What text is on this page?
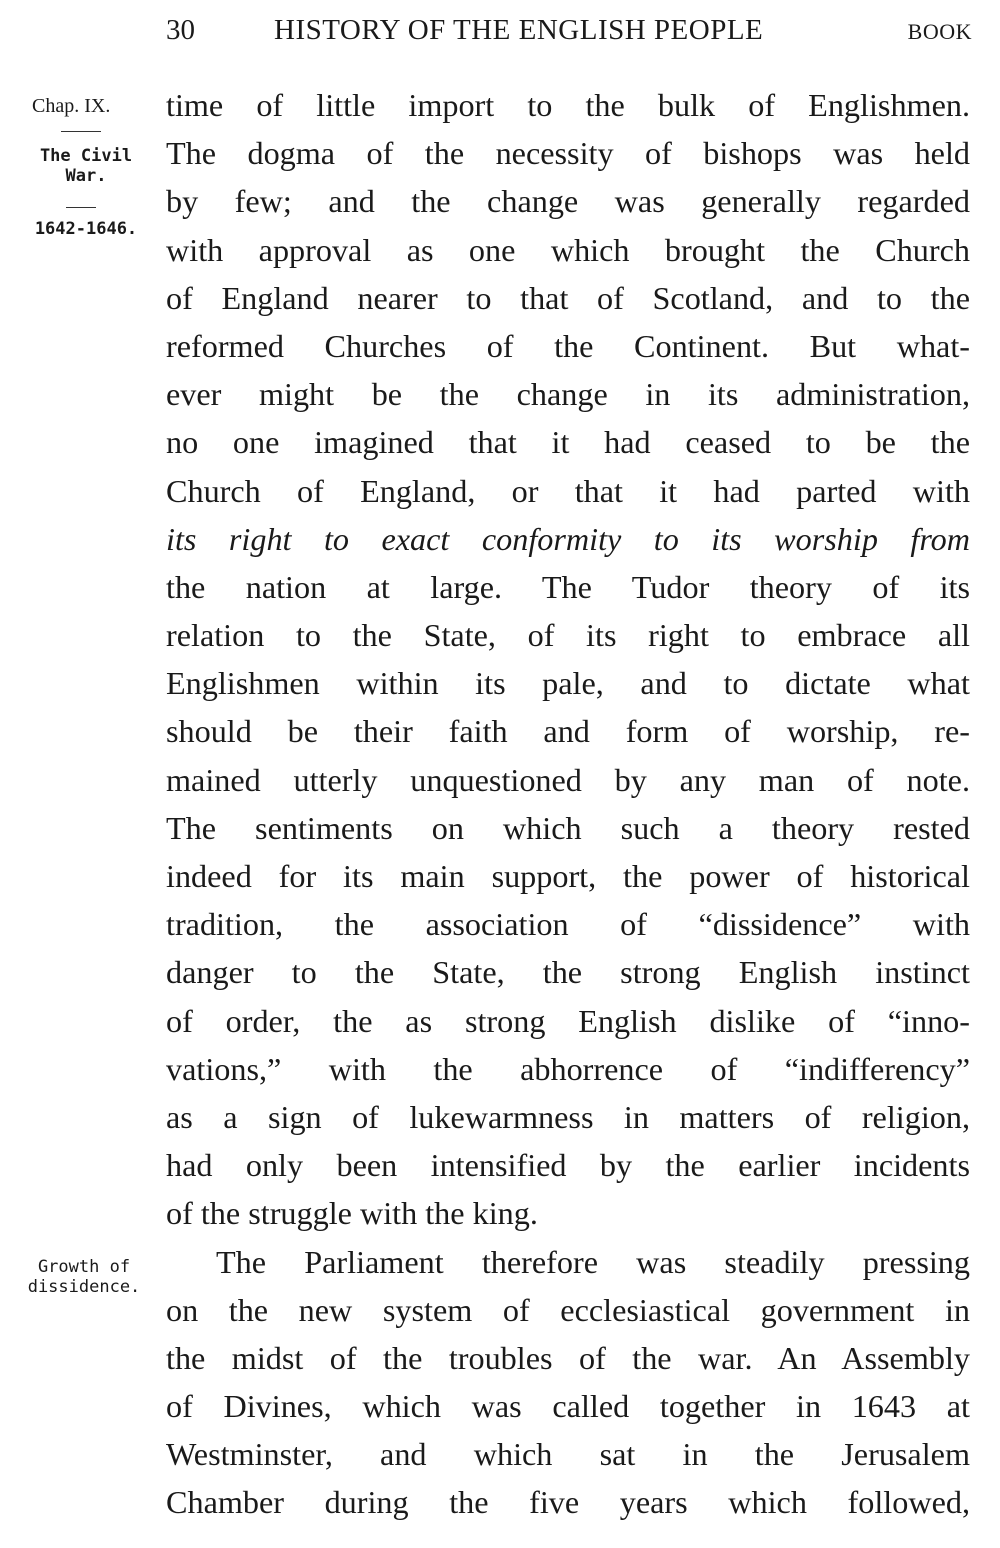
30	HISTORY OF THE ENGLISH PEOPLE	BOOK
Chap. IX.
The Civil
War.
1642-1646.
Growth of
dissidence.
time of little import to the bulk of Englishmen.
The dogma of the necessity of bishops was held
by few; and the change was generally regarded
with approval as one which brought the Church
of England nearer to that of Scotland, and to the
reformed Churches of the Continent. But what-
ever might be the change in its administration,
no one imagined that it had ceased to be the
Church of England, or that it had parted with
its right to exact conformity to its worship from
the nation at large. The Tudor theory of its
relation to the State, of its right to embrace all
Englishmen within its pale, and to dictate what
should be their faith and form of worship, re-
mained utterly unquestioned by any man of note.
The sentiments on which such a theory rested
indeed for its main support, the power of historical
tradition, the association of “dissidence” with
danger to the State, the strong English instinct
of order, the as strong English dislike of “inno-
vations,” with the abhorrence of “indifferency”
as a sign of lukewarmness in matters of religion,
had only been intensified by the earlier incidents
of the struggle with the king.
The Parliament therefore was steadily pressing
on the new system of ecclesiastical government in
the midst of the troubles of the war. An Assembly
of Divines, which was called together in 1643 at
Westminster, and which sat in the Jerusalem
Chamber during the five years which followed,
